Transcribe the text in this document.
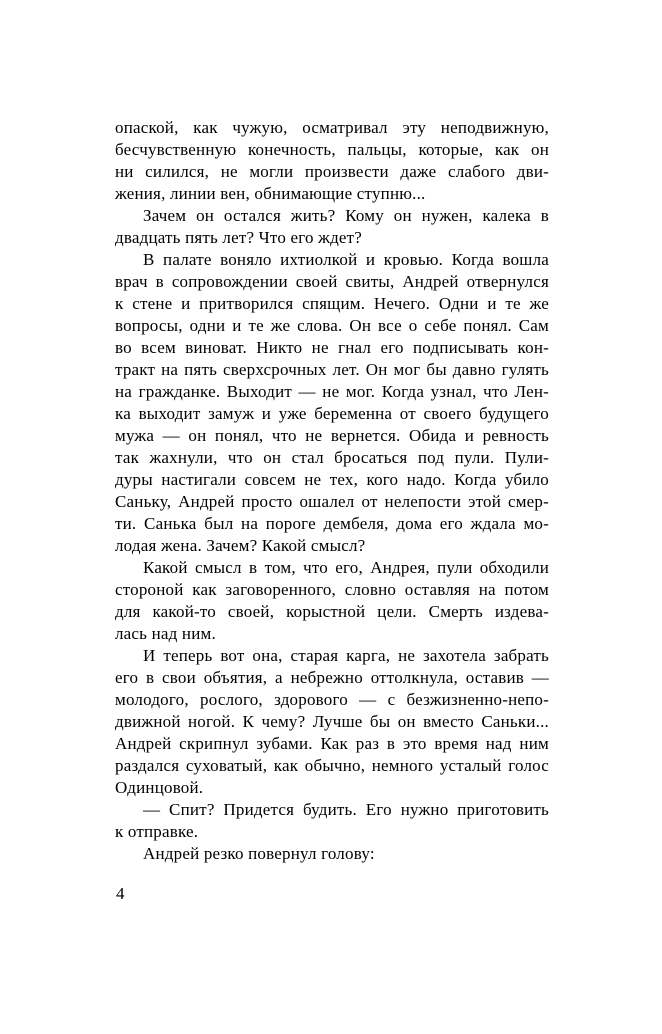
опаской, как чужую, осматривал эту неподвижную,
бесчувственную конечность, пальцы, которые, как он
ни силился, не могли произвести даже слабого дви-
жения, линии вен, обнимающие ступню...
Зачем он остался жить? Кому он нужен, калека в
двадцать пять лет? Что его ждет?
В палате воняло ихтиолкой и кровью. Когда вошла
врач в сопровождении своей свиты, Андрей отвернулся
к стене и притворился спящим. Нечего. Одни и те же
вопросы, одни и те же слова. Он все о себе понял. Сам
во всем виноват. Никто не гнал его подписывать кон-
тракт на пять сверхсрочных лет. Он мог бы давно гулять
на гражданке. Выходит — не мог. Когда узнал, что Лен-
ка выходит замуж и уже беременна от своего будущего
мужа — он понял, что не вернется. Обида и ревность
так жахнули, что он стал бросаться под пули. Пули-
дуры настигали совсем не тех, кого надо. Когда убило
Саньку, Андрей просто ошалел от нелепости этой смер-
ти. Санька был на пороге дембеля, дома его ждала мо-
лодая жена. Зачем? Какой смысл?
Какой смысл в том, что его, Андрея, пули обходили
стороной как заговоренного, словно оставляя на потом
для какой-то своей, корыстной цели. Смерть издева-
лась над ним.
И теперь вот она, старая карга, не захотела забрать
его в свои объятия, а небрежно оттолкнула, оставив —
молодого, рослого, здорового — с безжизненно-непо-
движной ногой. К чему? Лучше бы он вместо Саньки...
Андрей скрипнул зубами. Как раз в это время над ним
раздался суховатый, как обычно, немного усталый голос
Одинцовой.
— Спит? Придется будить. Его нужно приготовить
к отправке.
Андрей резко повернул голову:
4
